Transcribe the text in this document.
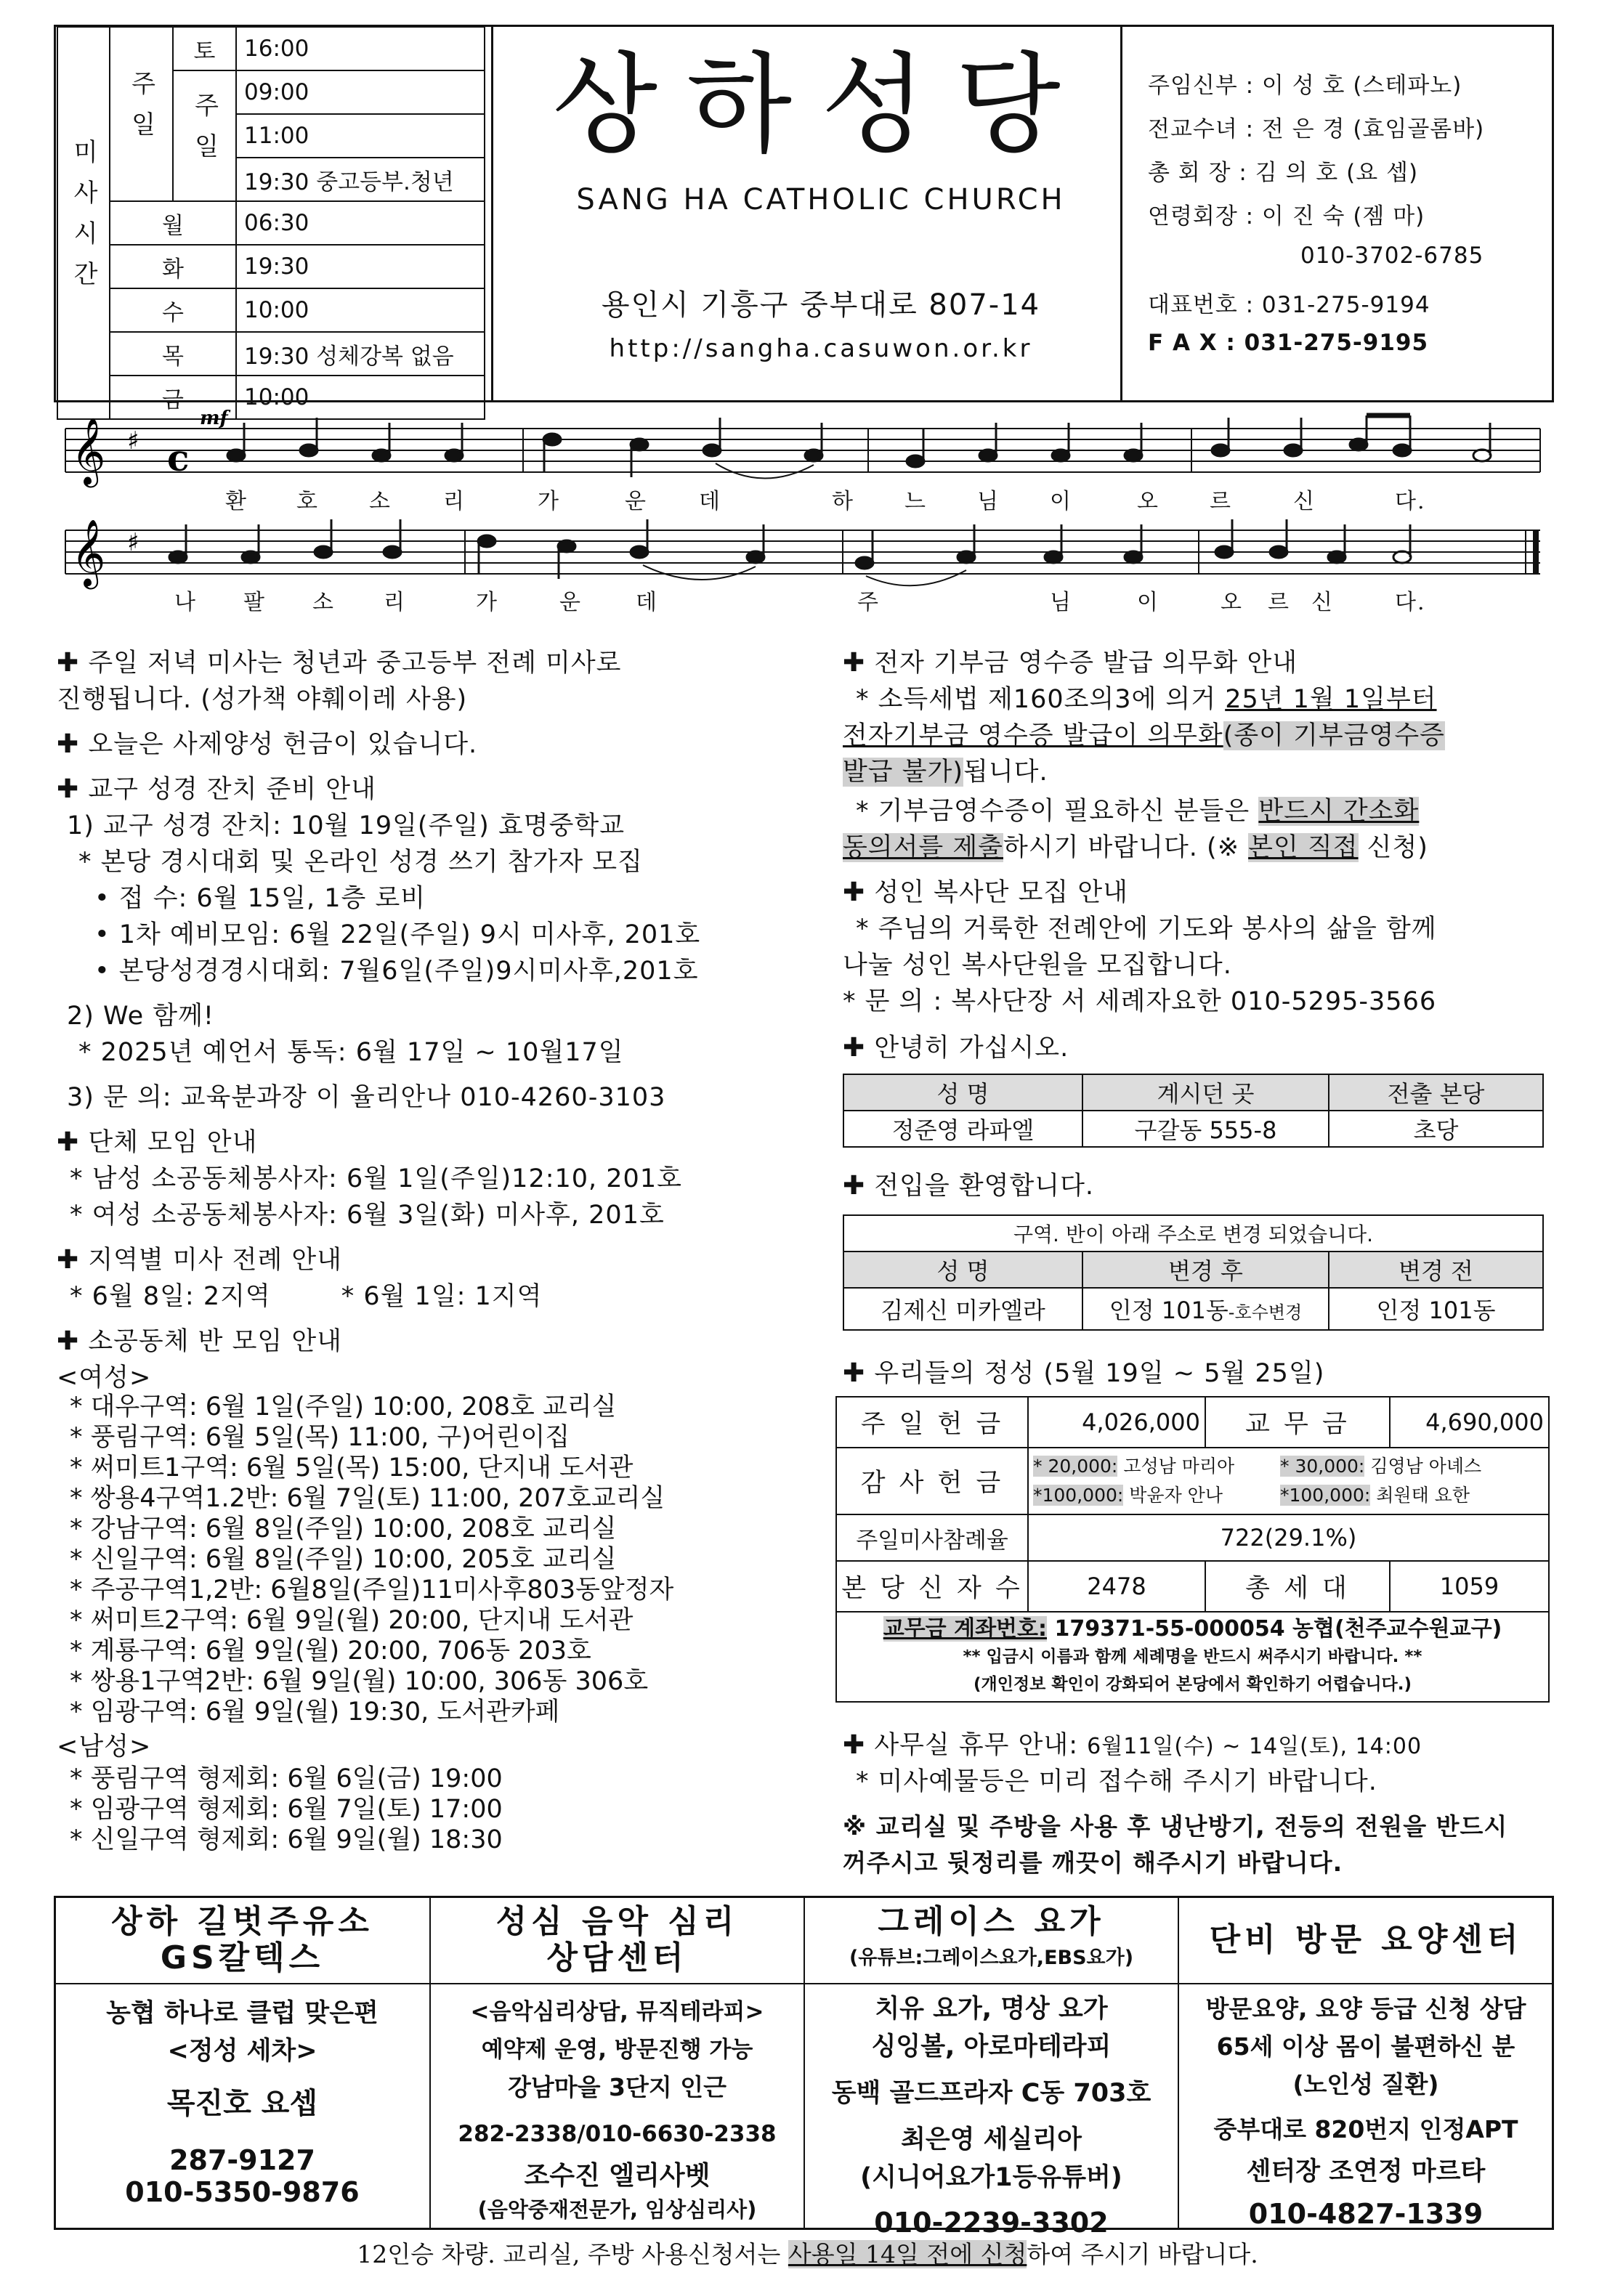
미사시간	주일	토	16:00
		주일	09:00
			11:00
			19:30 중고등부.청년
	월		06:30
	화		19:30
	수		10:00
	목		19:30 성체강복 없음
	금		10:00
상하성당
SANG HA CATHOLIC CHURCH
용인시 기흥구 중부대로 807-14
http://sangha.casuwon.or.kr
주임신부 : 이 성 호 (스테파노)
전교수녀 : 전 은 경 (효임골롬바)
총 회 장 : 김 의 호 (요 셉)
연령회장 : 이 진 숙 (젬 마)
010-3702-6785
대표번호 : 031-275-9194
F A X : 031-275-9195
𝄞 ♯ c
mf
환 호 소 리	가	운 데	하 느 님 이	오 르	신	다.
𝄞 ♯
나 팔 소 리	가	운 데	주	님	이	오 르 신	다.
✚ 주일 저녁 미사는 청년과 중고등부 전례 미사로
진행됩니다. (성가책 야훼이레 사용)
✚ 오늘은 사제양성 헌금이 있습니다.
✚ 교구 성경 잔치 준비 안내
1) 교구 성경 잔치: 10월 19일(주일) 효명중학교
* 본당 경시대회 및 온라인 성경 쓰기 참가자 모집
• 접 수: 6월 15일, 1층 로비
• 1차 예비모임: 6월 22일(주일) 9시 미사후, 201호
• 본당성경경시대회: 7월6일(주일)9시미사후,201호
2) We 함께!
* 2025년 예언서 통독: 6월 17일 ~ 10월17일
3) 문 의: 교육분과장 이 율리안나 010-4260-3103
✚ 단체 모임 안내
* 남성 소공동체봉사자: 6월 1일(주일)12:10, 201호
* 여성 소공동체봉사자: 6월 3일(화) 미사후, 201호
✚ 지역별 미사 전례 안내
* 6월 8일: 2지역        * 6월 1일: 1지역
✚ 소공동체 반 모임 안내
<여성>
* 대우구역: 6월 1일(주일) 10:00, 208호 교리실
* 풍림구역: 6월 5일(목) 11:00, 구)어린이집
* 써미트1구역: 6월 5일(목) 15:00, 단지내 도서관
* 쌍용4구역1.2반: 6월 7일(토) 11:00, 207호교리실
* 강남구역: 6월 8일(주일) 10:00, 208호 교리실
* 신일구역: 6월 8일(주일) 10:00, 205호 교리실
* 주공구역1,2반: 6월8일(주일)11미사후803동앞정자
* 써미트2구역: 6월 9일(월) 20:00, 단지내 도서관
* 계룡구역: 6월 9일(월) 20:00, 706동 203호
* 쌍용1구역2반: 6월 9일(월) 10:00, 306동 306호
* 임광구역: 6월 9일(월) 19:30, 도서관카페
<남성>
* 풍림구역 형제회: 6월 6일(금) 19:00
* 임광구역 형제회: 6월 7일(토) 17:00
* 신일구역 형제회: 6월 9일(월) 18:30
✚ 전자 기부금 영수증 발급 의무화 안내
* 소득세법 제160조의3에 의거 25년 1월 1일부터
전자기부금 영수증 발급이 의무화(종이 기부금영수증
발급 불가)됩니다.
* 기부금영수증이 필요하신 분들은 반드시 간소화
동의서를 제출하시기 바랍니다. (※ 본인 직접 신청)
✚ 성인 복사단 모집 안내
* 주님의 거룩한 전례안에 기도와 봉사의 삶을 함께
나눌 성인 복사단원을 모집합니다.
* 문 의 : 복사단장 서 세례자요한 010-5295-3566
✚ 안녕히 가십시오.
성 명	계시던 곳	전출 본당
정준영 라파엘	구갈동 555-8	초당
✚ 전입을 환영합니다.
구역. 반이 아래 주소로 변경 되었습니다.		
성 명	변경 후	변경 전
김제신 미카엘라	인정 101동-호수변경	인정 101동
✚ 우리들의 정성 (5월 19일 ~ 5월 25일)
주 일 헌 금	4,026,000	교 무 금	4,690,000
감 사 헌 금	* 20,000: 고성남 마리아 * 30,000: 김영남 아녜스
*100,000: 박윤자 안나 *100,000: 최원태 요한		

주일미사참례율	722(29.1%)		
본 당 신 자 수	2478	총 세 대	1059

교무금 계좌번호: 179371-55-000054 농협(천주교수원교구)
** 입금시 이름과 함께 세례명을 반드시 써주시기 바랍니다. **
(개인정보 확인이 강화되어 본당에서 확인하기 어렵습니다.)			
✚ 사무실 휴무 안내: 6월11일(수) ~ 14일(토), 14:00
* 미사예물등은 미리 접수해 주시기 바랍니다.
※ 교리실 및 주방을 사용 후 냉난방기, 전등의 전원을 반드시
꺼주시고 뒷정리를 깨끗이 해주시기 바랍니다.
상하 길벗주유소
GS칼텍스
농협 하나로 클럽 맞은편
<정성 세차>
목진호 요셉
287-9127
010-5350-9876
성심 음악 심리
상담센터
<음악심리상담, 뮤직테라피>
예약제 운영, 방문진행 가능
강남마을 3단지 인근
282-2338/010-6630-2338
조수진 엘리사벳
(음악중재전문가, 임상심리사)
그레이스 요가
(유튜브:그레이스요가,EBS요가)
치유 요가, 명상 요가
싱잉볼, 아로마테라피
동백 골드프라자 C동 703호
최은영 세실리아
(시니어요가1등유튜버)
010-2239-3302
단비 방문 요양센터
방문요양, 요양 등급 신청 상담
65세 이상 몸이 불편하신 분
(노인성 질환)
중부대로 820번지 인정APT
센터장 조연정 마르타
010-4827-1339
12인승 차량. 교리실, 주방 사용신청서는 사용일 14일 전에 신청하여 주시기 바랍니다.
